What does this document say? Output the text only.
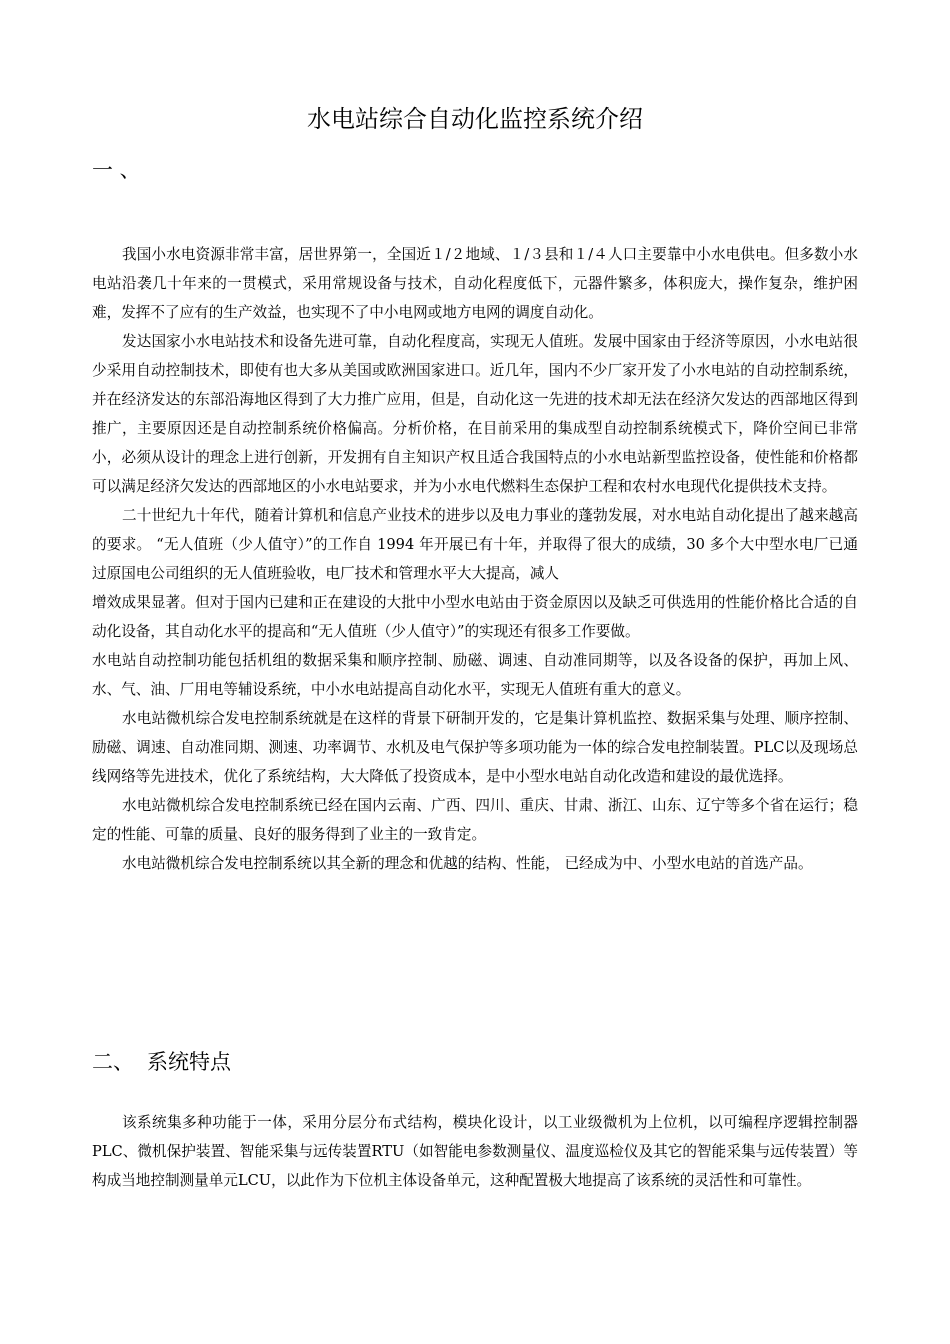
水电站综合自动化监控系统介绍
一 、

我国小水电资源非常丰富，居世界第一，全国近１/２地域、１/３县和１/４人口主要靠中小水电供电。但多数小水电站沿袭几十年来的一贯模式，采用常规设备与技术，自动化程度低下，元器件繁多，体积庞大，操作复杂，维护困难，发挥不了应有的生产效益，也实现不了中小电网或地方电网的调度自动化。

发达国家小水电站技术和设备先进可靠，自动化程度高，实现无人值班。发展中国家由于经济等原因，小水电站很少采用自动控制技术，即使有也大多从美国或欧洲国家进口。近几年，国内不少厂家开发了小水电站的自动控制系统，并在经济发达的东部沿海地区得到了大力推广应用，但是，自动化这一先进的技术却无法在经济欠发达的西部地区得到推广，主要原因还是自动控制系统价格偏高。分析价格，在目前采用的集成型自动控制系统模式下，降价空间已非常小，必须从设计的理念上进行创新，开发拥有自主知识产权且适合我国特点的小水电站新型监控设备，使性能和价格都可以满足经济欠发达的西部地区的小水电站要求，并为小水电代燃料生态保护工程和农村水电现代化提供技术支持。

二十世纪九十年代，随着计算机和信息产业技术的进步以及电力事业的蓬勃发展，对水电站自动化提出了越来越高的要求。 “无人值班（少人值守）”的工作自 1994 年开展已有十年，并取得了很大的成绩，30 多个大中型水电厂已通过原国电公司组织的无人值班验收，电厂技术和管理水平大大提高，减人

增效成果显著。但对于国内已建和正在建设的大批中小型水电站由于资金原因以及缺乏可供选用的性能价格比合适的自动化设备，其自动化水平的提高和“无人值班（少人值守）”的实现还有很多工作要做。

水电站自动控制功能包括机组的数据采集和顺序控制、励磁、调速、自动准同期等，以及各设备的保护，再加上风、水、气、油、厂用电等辅设系统，中小水电站提高自动化水平，实现无人值班有重大的意义。

水电站微机综合发电控制系统就是在这样的背景下研制开发的，它是集计算机监控、数据采集与处理、顺序控制、励磁、调速、自动准同期、测速、功率调节、水机及电气保护等多项功能为一体的综合发电控制装置。PLC以及现场总线网络等先进技术，优化了系统结构，大大降低了投资成本，是中小型水电站自动化改造和建设的最优选择。

水电站微机综合发电控制系统已经在国内云南、广西、四川、重庆、甘肃、浙江、山东、辽宁等多个省在运行；稳定的性能、可靠的质量、良好的服务得到了业主的一致肯定。

水电站微机综合发电控制系统以其全新的理念和优越的结构、性能， 已经成为中、小型水电站的首选产品。

二、 系统特点

该系统集多种功能于一体，采用分层分布式结构，模块化设计，以工业级微机为上位机，以可编程序逻辑控制器PLC、微机保护装置、智能采集与远传装置RTU（如智能电参数测量仪、温度巡检仪及其它的智能采集与远传装置）等构成当地控制测量单元LCU，以此作为下位机主体设备单元，这种配置极大地提高了该系统的灵活性和可靠性。
